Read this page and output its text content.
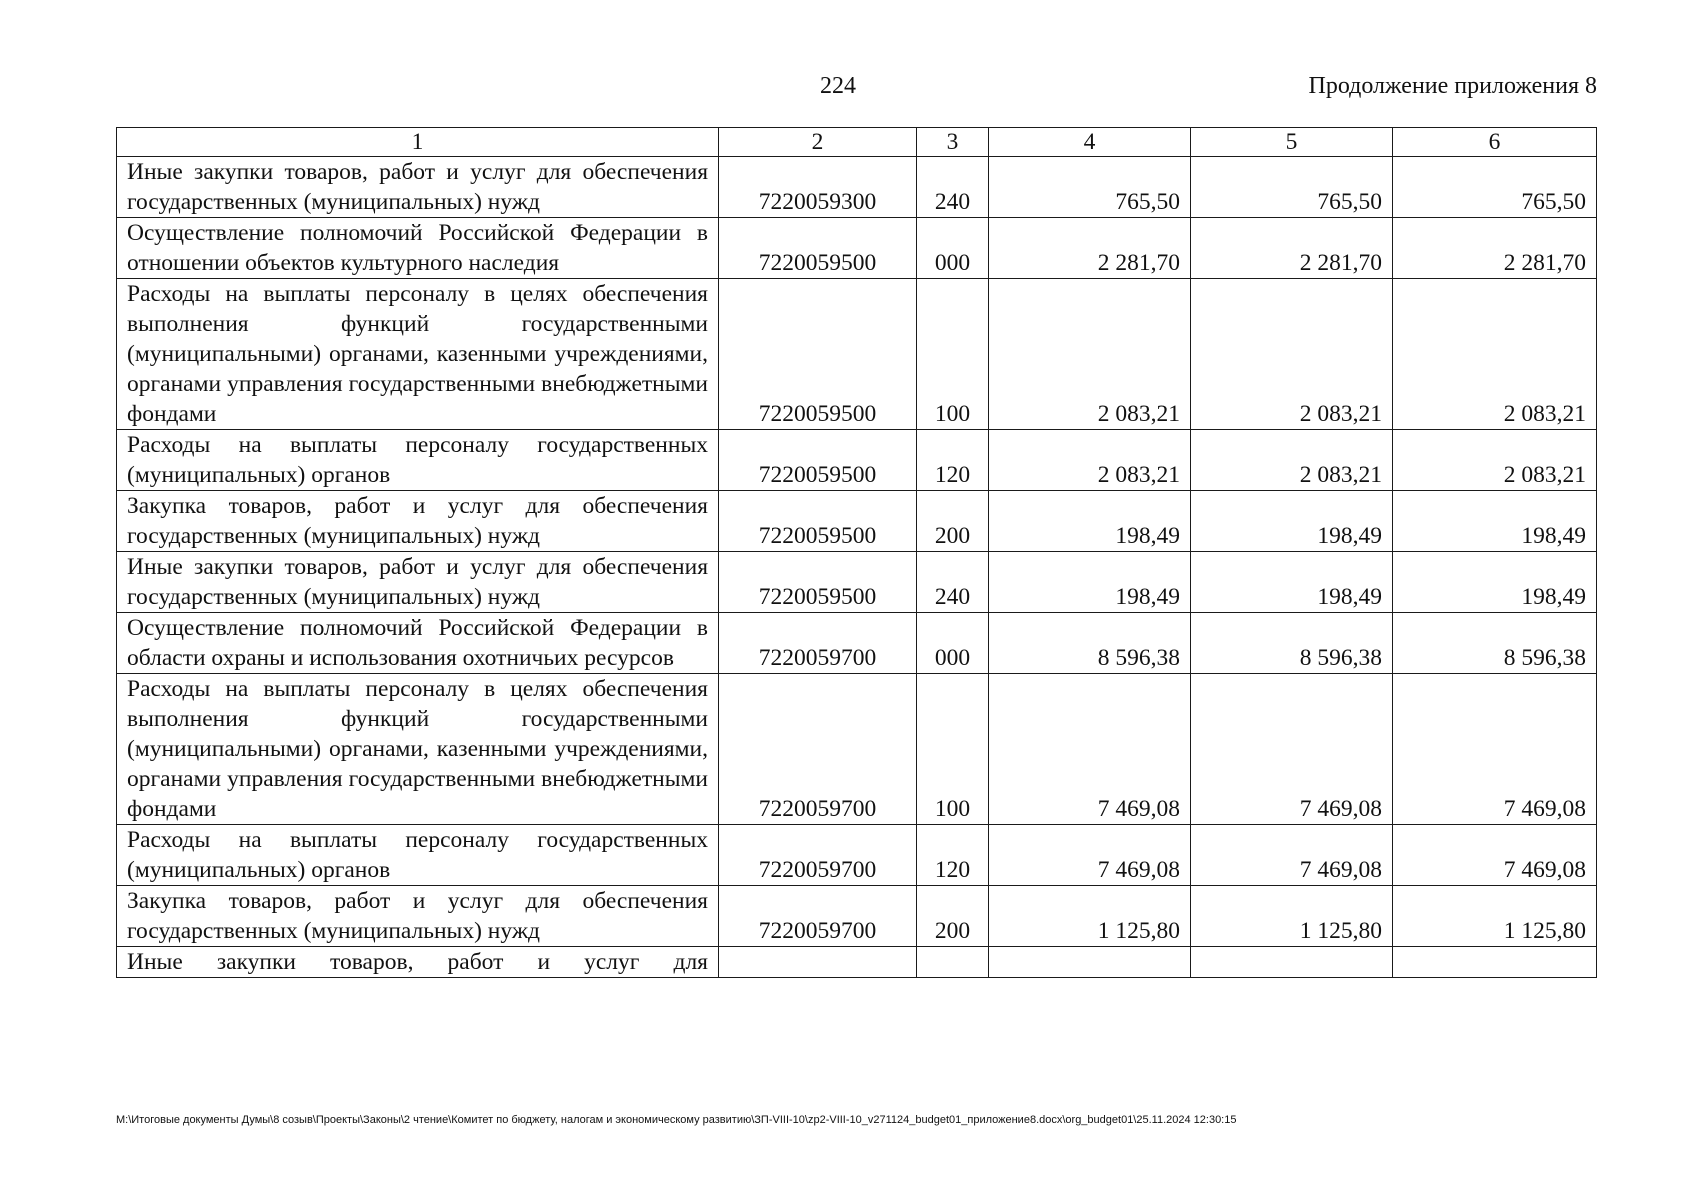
224	Продолжение приложения 8
1	2	3	4	5	6
Иные закупки товаров, работ и услуг для обеспечения государственных (муниципальных) нужд	7220059300	240	765,50	765,50	765,50
Осуществление полномочий Российской Федерации в отношении объектов культурного наследия	7220059500	000	2 281,70	2 281,70	2 281,70
Расходы на выплаты персоналу в целях обеспечения выполнения функций государственными (муниципальными) органами, казенными учреждениями, органами управления государственными внебюджетными фондами	7220059500	100	2 083,21	2 083,21	2 083,21
Расходы на выплаты персоналу государственных (муниципальных) органов	7220059500	120	2 083,21	2 083,21	2 083,21
Закупка товаров, работ и услуг для обеспечения государственных (муниципальных) нужд	7220059500	200	198,49	198,49	198,49
Иные закупки товаров, работ и услуг для обеспечения государственных (муниципальных) нужд	7220059500	240	198,49	198,49	198,49
Осуществление полномочий Российской Федерации в области охраны и использования охотничьих ресурсов	7220059700	000	8 596,38	8 596,38	8 596,38
Расходы на выплаты персоналу в целях обеспечения выполнения функций государственными (муниципальными) органами, казенными учреждениями, органами управления государственными внебюджетными фондами	7220059700	100	7 469,08	7 469,08	7 469,08
Расходы на выплаты персоналу государственных (муниципальных) органов	7220059700	120	7 469,08	7 469,08	7 469,08
Закупка товаров, работ и услуг для обеспечения государственных (муниципальных) нужд	7220059700	200	1 125,80	1 125,80	1 125,80
Иные закупки товаров, работ и услуг для					
M:\Итоговые документы Думы\8 созыв\Проекты\Законы\2 чтение\Комитет по бюджету, налогам и экономическому развитию\ЗП-VIII-10\zp2-VIII-10_v271124_budget01_приложение8.docx\org_budget01\25.11.2024 12:30:15
